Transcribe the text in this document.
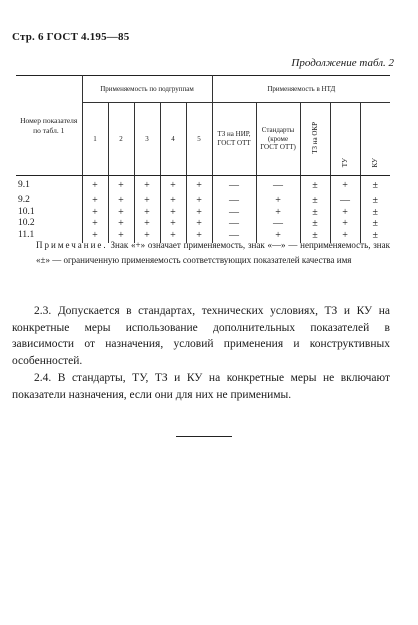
Стр. 6 ГОСТ 4.195—85
Продолжение табл. 2
Номер показателя по табл. 1	Применяемость по подгруппам					Применяемость в НТД				
	1	2	3	4	5	ТЗ на НИР, ГОСТ ОТТ	Стандарты (кроме ГОСТ ОТТ)	ТЗ на ОКР	ТУ	КУ
9.1	+	+	+	+	+	—	—	±	+	±
9.2	+	+	+	+	+	—	+	±	—	±
10.1	+	+	+	+	+	—	+	±	+	±
10.2	+	+	+	+	+	—	—	±	+	±
11.1	+	+	+	+	+	—	+	±	+	±
Примечание. Знак «+» означает применяемость, знак «—» — неприменяемость, знак «±» — ограниченную применяемость соответствующих показателей качества имя
2.3. Допускается в стандартах, технических условиях, ТЗ и КУ на конкретные меры использование дополнительных показателей в зависимости от назначения, условий применения и конструктивных особенностей.
2.4. В стандарты, ТУ, ТЗ и КУ на конкретные меры не включают показатели назначения, если они для них не применимы.
